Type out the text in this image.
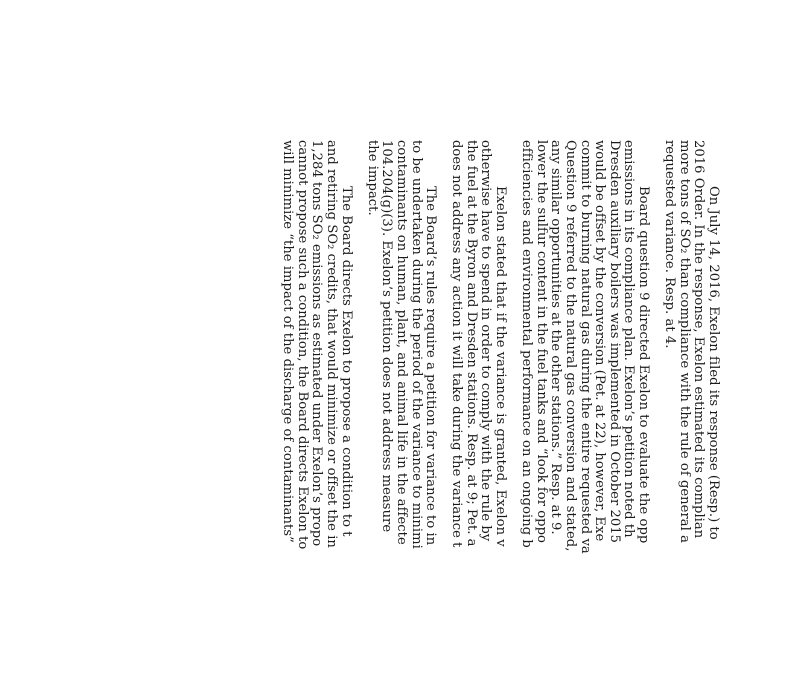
On July 14, 2016, Exelon filed its response (Resp.) to
2016 Order. In the response, Exelon estimated its complian
more tons of SO₂ than compliance with the rule of general a
requested variance. Resp. at 4.
Board question 9 directed Exelon to evaluate the opp
emissions in its compliance plan. Exelon’s petition noted th
Dresden auxiliary boilers was implemented in October 2015
would be offset by the conversion (Pet. at 22), however, Exe
commit to burning natural gas during the entire requested va
Question 9 referred to the natural gas conversion and stated,
any similar opportunities at the other stations.” Resp. at 9.
lower the sulfur content in the fuel tanks and “look for oppo
efficiencies and environmental performance on an ongoing b
Exelon stated that if the variance is granted, Exelon v
otherwise have to spend in order to comply with the rule by
the fuel at the Byron and Dresden stations. Resp. at 9; Pet. a
does not address any action it will take during the variance t
The Board’s rules require a petition for variance to in
to be undertaken during the period of the variance to minimi
contaminants on human, plant, and animal life in the affecte
104.204(g)(3). Exelon’s petition does not address measure
the impact.
The Board directs Exelon to propose a condition to t
and retiring SO₂ credits, that would minimize or offset the in
1,284 tons SO₂ emissions as estimated under Exelon’s propo
cannot propose such a condition, the Board directs Exelon to
will minimize “the impact of the discharge of contaminants”
